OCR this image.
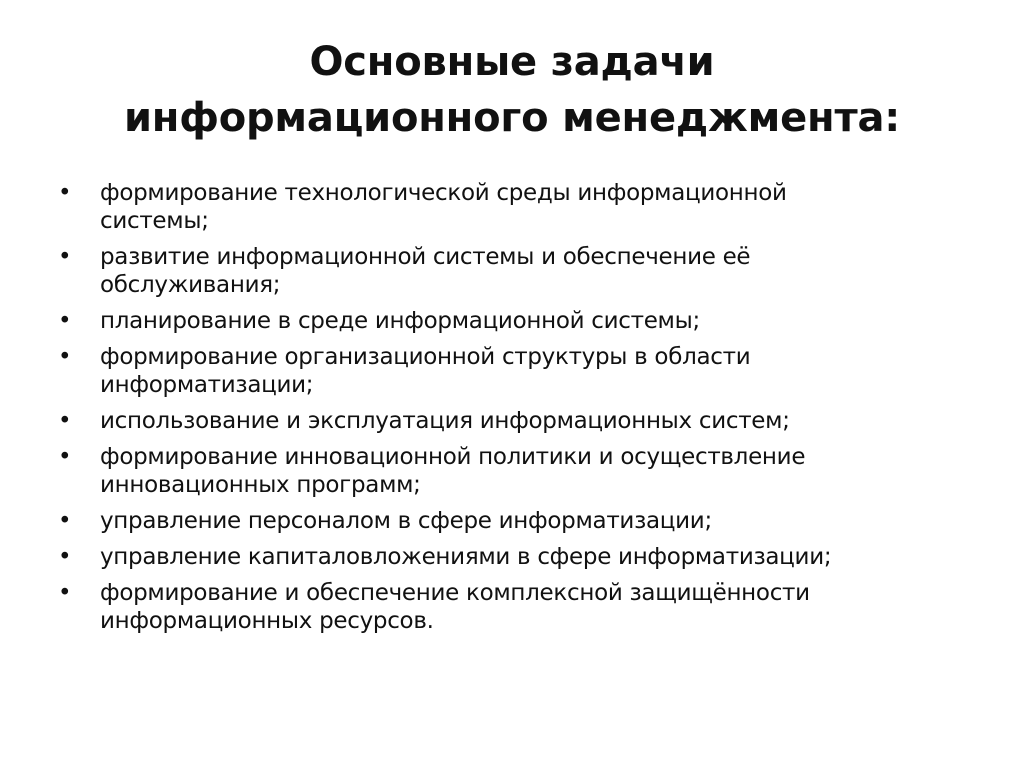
Основные задачи
информационного менеджмента:
• формирование технологической среды информационной
системы;
• развитие информационной системы и обеспечение её
обслуживания;
• планирование в среде информационной системы;
• формирование организационной структуры в области
информатизации;
• использование и эксплуатация информационных систем;
• формирование инновационной политики и осуществление
инновационных программ;
• управление персоналом в сфере информатизации;
• управление капиталовложениями в сфере информатизации;
• формирование и обеспечение комплексной защищённости
информационных ресурсов.
